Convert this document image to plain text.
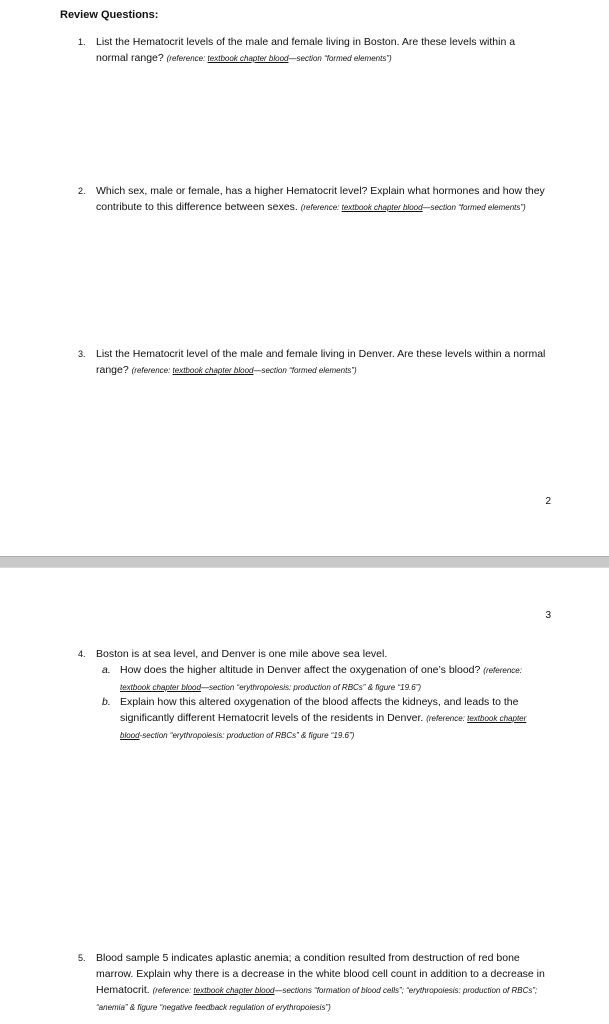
Review Questions:
1. List the Hematocrit levels of the male and female living in Boston. Are these levels within a normal range? (reference: textbook chapter blood—section “formed elements”)
2. Which sex, male or female, has a higher Hematocrit level? Explain what hormones and how they contribute to this difference between sexes. (reference: textbook chapter blood—section “formed elements”)
3. List the Hematocrit level of the male and female living in Denver. Are these levels within a normal range? (reference: textbook chapter blood—section “formed elements”)
2
3
4. Boston is at sea level, and Denver is one mile above sea level.
a. How does the higher altitude in Denver affect the oxygenation of one’s blood? (reference: textbook chapter blood—section “erythropoiesis: production of RBCs” & figure “19.6”)
b. Explain how this altered oxygenation of the blood affects the kidneys, and leads to the significantly different Hematocrit levels of the residents in Denver. (reference: textbook chapter blood-section “erythropoiesis: production of RBCs” & figure “19.6”)
5. Blood sample 5 indicates aplastic anemia; a condition resulted from destruction of red bone marrow. Explain why there is a decrease in the white blood cell count in addition to a decrease in Hematocrit. (reference: textbook chapter blood—sections “formation of blood cells”; “erythropoiesis: production of RBCs”; “anemia” & figure “negative feedback regulation of erythropoiesis”)
